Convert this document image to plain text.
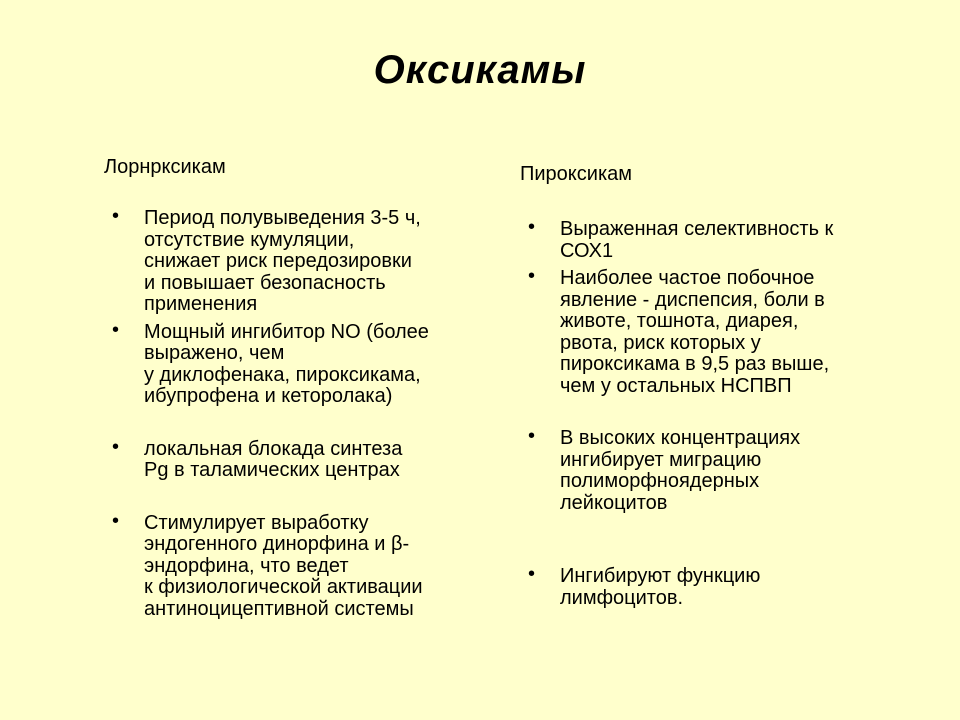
Оксикамы
Лорнрксикам
• Период полувыведения 3-5 ч,
отсутствие кумуляции,
снижает риск передозировки
и повышает безопасность
применения
• Мощный ингибитор NO (более
выражено, чем
у диклофенака, пироксикама,
ибупрофена и кеторолака)
• локальная блокада синтеза
Pg в таламических центрах
• Стимулирует выработку
эндогенного динорфина и β-
эндорфина, что ведет
к физиологической активации
антиноцицептивной системы
Пироксикам
• Выраженная селективность к
СОХ1
• Наиболее частое побочное
явление - диспепсия, боли в
животе, тошнота, диарея,
рвота, риск которых у
пироксикама в 9,5 раз выше,
чем у остальных НСПВП
• В высоких концентрациях
ингибирует миграцию
полиморфноядерных
лейкоцитов
• Ингибируют функцию
лимфоцитов.
